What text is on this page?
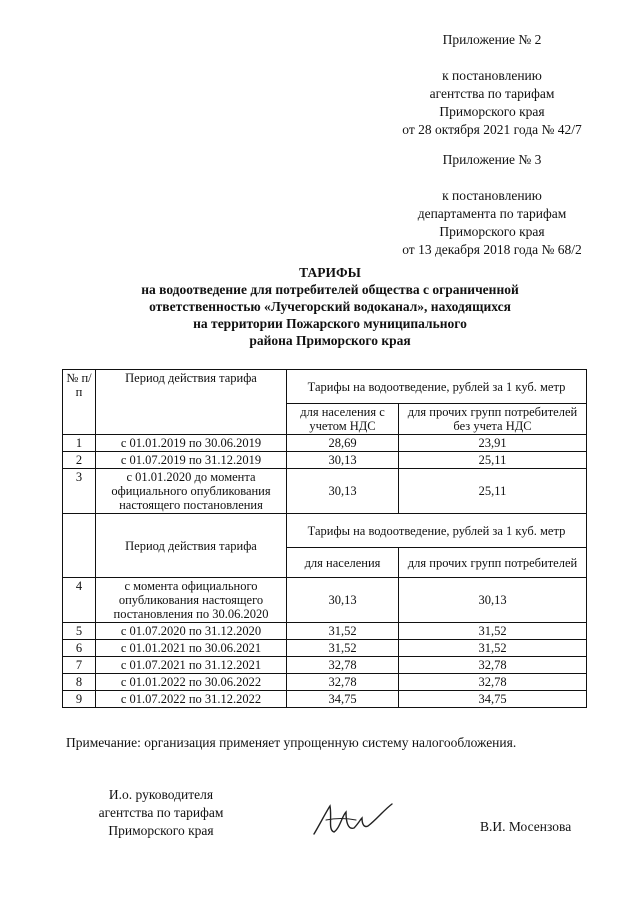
Приложение № 2
к постановлению
агентства по тарифам
Приморского края
от 28 октября 2021 года № 42/7
Приложение № 3
к постановлению
департамента по тарифам
Приморского края
от 13 декабря 2018 года № 68/2
ТАРИФЫ
на водоотведение для потребителей общества с ограниченной
ответственностью «Лучегорский водоканал», находящихся
на территории Пожарского муниципального
района Приморского края
№ п/п	Период действия тарифа	Тарифы на водоотведение, рублей за 1 куб. метр	
		для населения с учетом НДС	для прочих групп потребителей без учета НДС
1	с 01.01.2019 по 30.06.2019	28,69	23,91
2	с 01.07.2019 по 31.12.2019	30,13	25,11
3	с 01.01.2020 до момента официального опубликования настоящего постановления	30,13	25,11
	Период действия тарифа	Тарифы на водоотведение, рублей за 1 куб. метр	
		для населения	для прочих групп потребителей
4	с момента официального опубликования настоящего постановления по 30.06.2020	30,13	30,13
5	с 01.07.2020 по 31.12.2020	31,52	31,52
6	с 01.01.2021 по 30.06.2021	31,52	31,52
7	с 01.07.2021 по 31.12.2021	32,78	32,78
8	с 01.01.2022 по 30.06.2022	32,78	32,78
9	с 01.07.2022 по 31.12.2022	34,75	34,75
Примечание: организация применяет упрощенную систему налогообложения.
И.о. руководителя
агентства по тарифам
Приморского края	В.И. Мосензова
